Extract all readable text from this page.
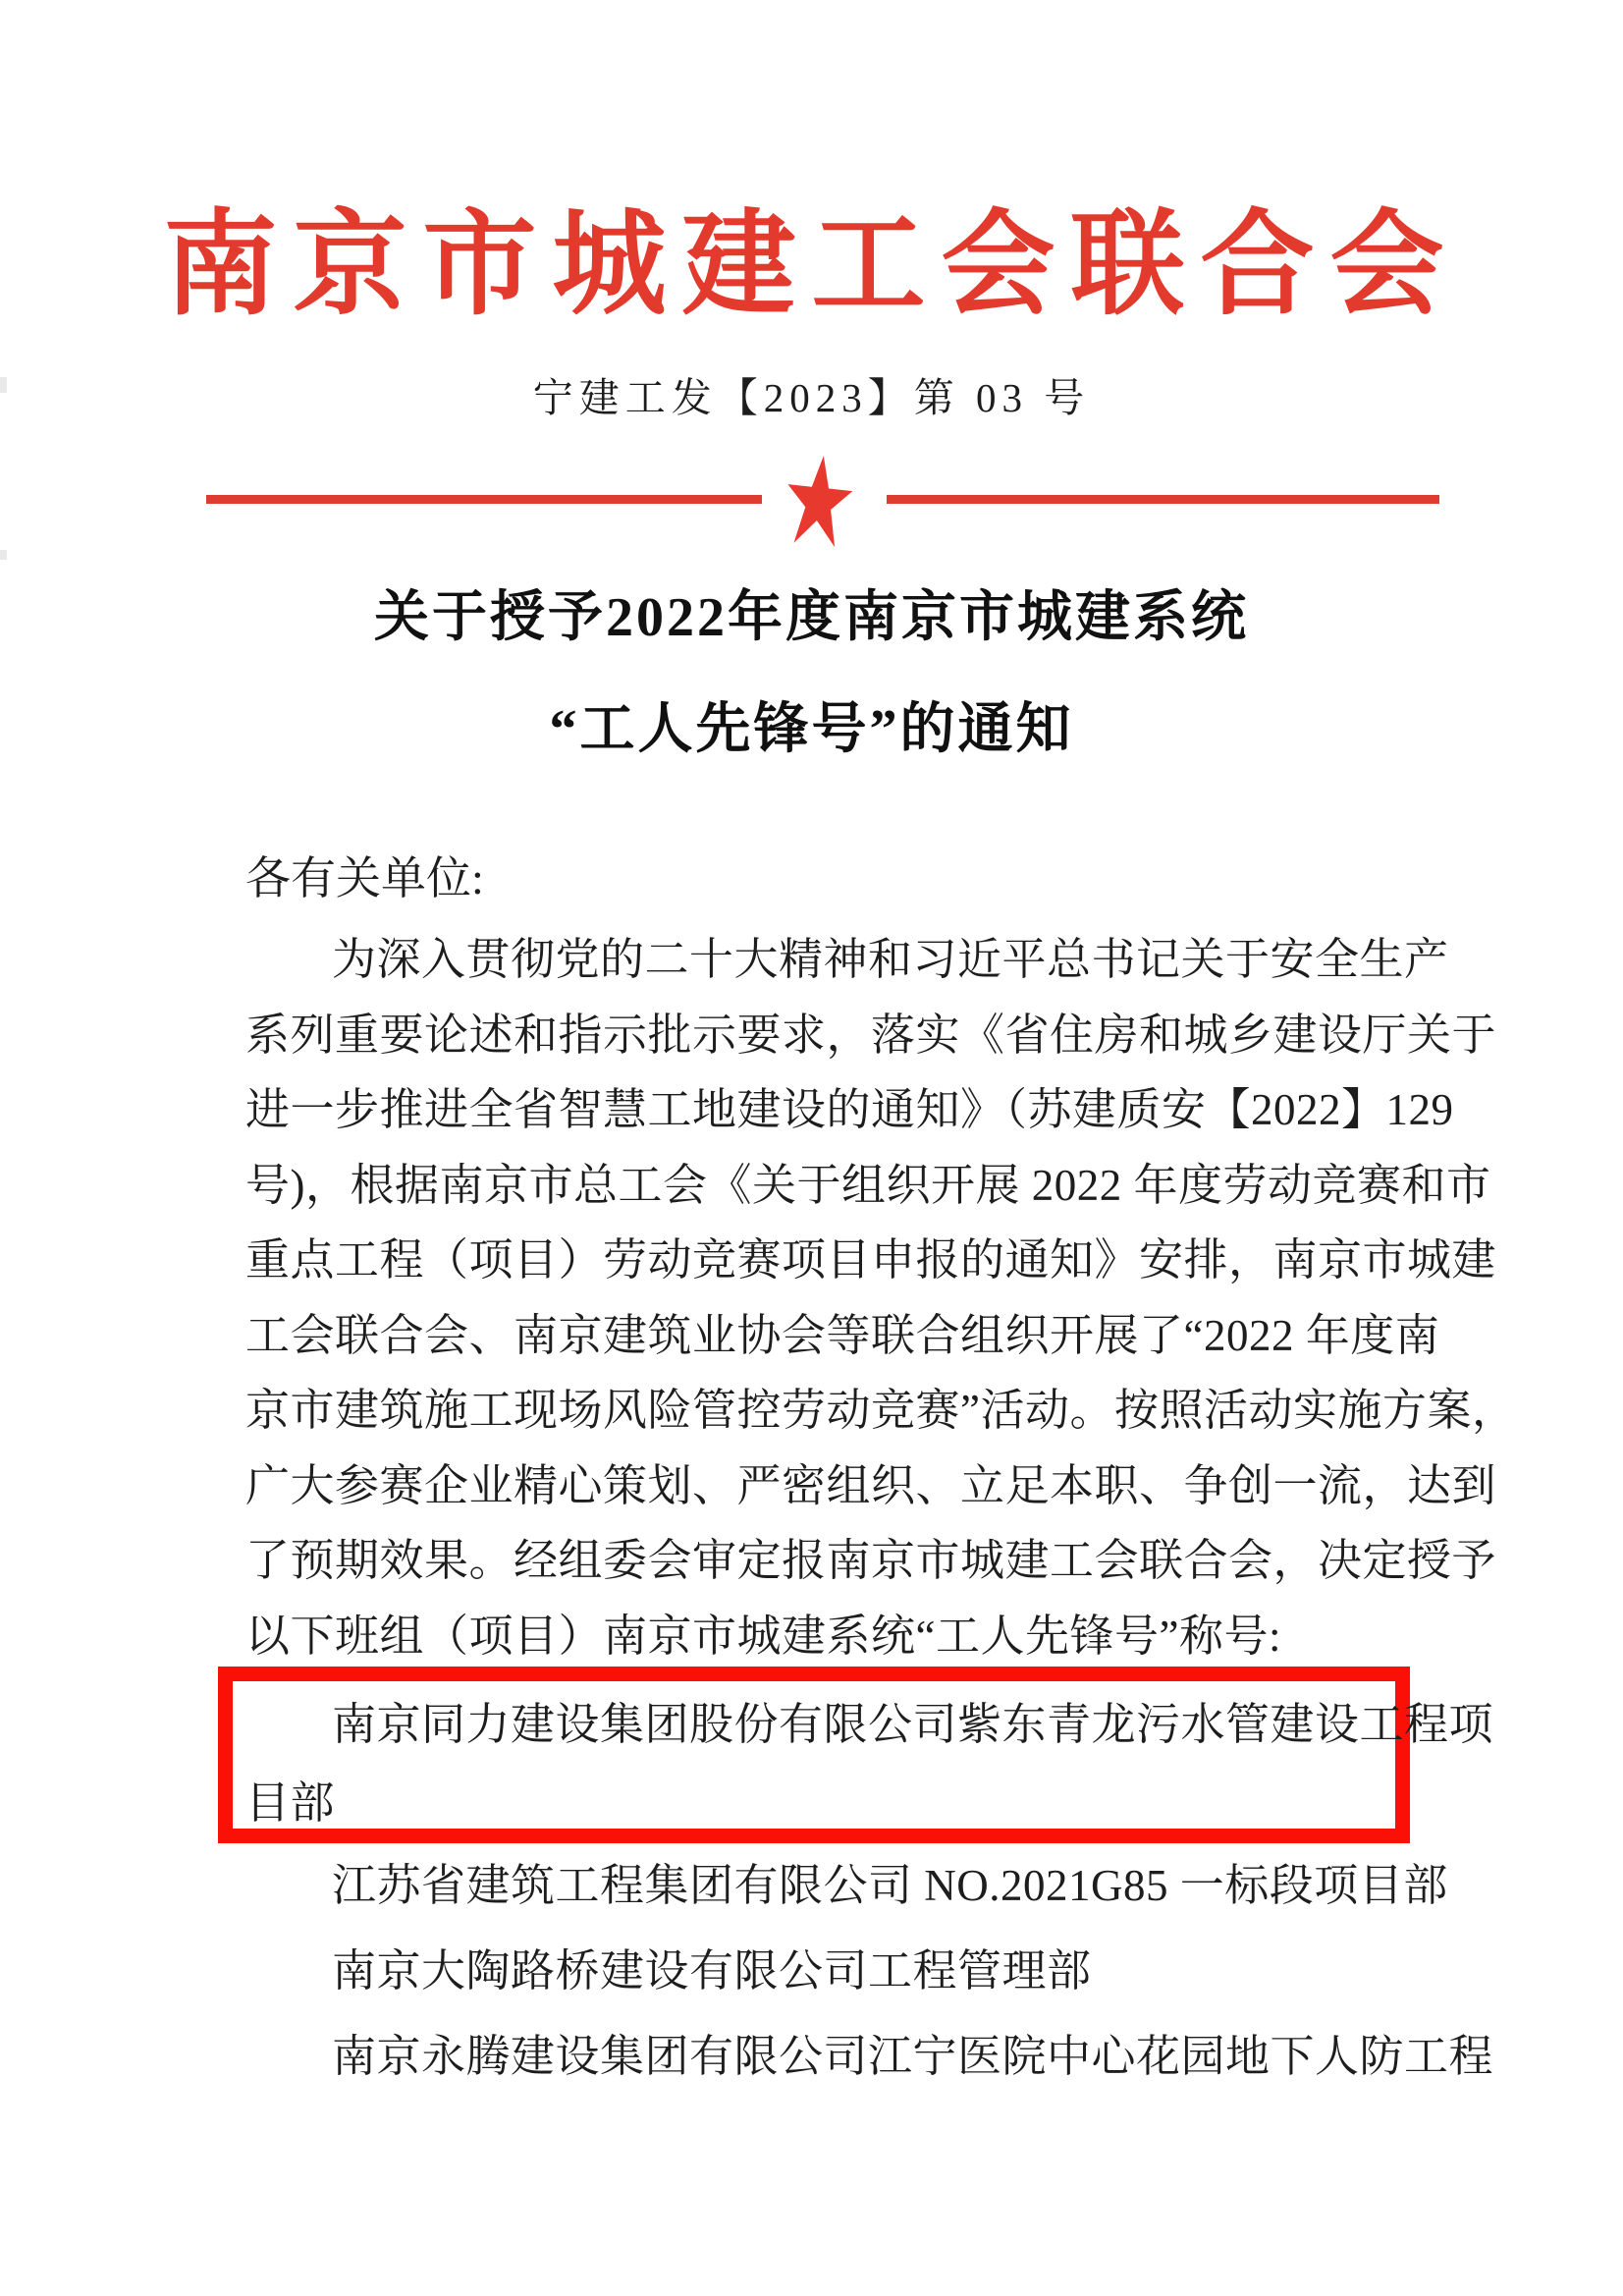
南京市城建工会联合会
宁建工发【2023】第 03 号
关于授予2022年度南京市城建系统
“工人先锋号”的通知
各有关单位:
为深入贯彻党的二十大精神和习近平总书记关于安全生产
系列重要论述和指示批示要求，落实《省住房和城乡建设厅关于
进一步推进全省智慧工地建设的通知》（苏建质安【2022】129
号)，根据南京市总工会《关于组织开展 2022 年度劳动竞赛和市
重点工程（项目）劳动竞赛项目申报的通知》安排，南京市城建
工会联合会、南京建筑业协会等联合组织开展了“2022 年度南
京市建筑施工现场风险管控劳动竞赛”活动。按照活动实施方案，
广大参赛企业精心策划、严密组织、立足本职、争创一流，达到
了预期效果。经组委会审定报南京市城建工会联合会，决定授予
以下班组（项目）南京市城建系统“工人先锋号”称号:
南京同力建设集团股份有限公司紫东青龙污水管建设工程项
目部
江苏省建筑工程集团有限公司 NO.2021G85 一标段项目部
南京大陶路桥建设有限公司工程管理部
南京永腾建设集团有限公司江宁医院中心花园地下人防工程
